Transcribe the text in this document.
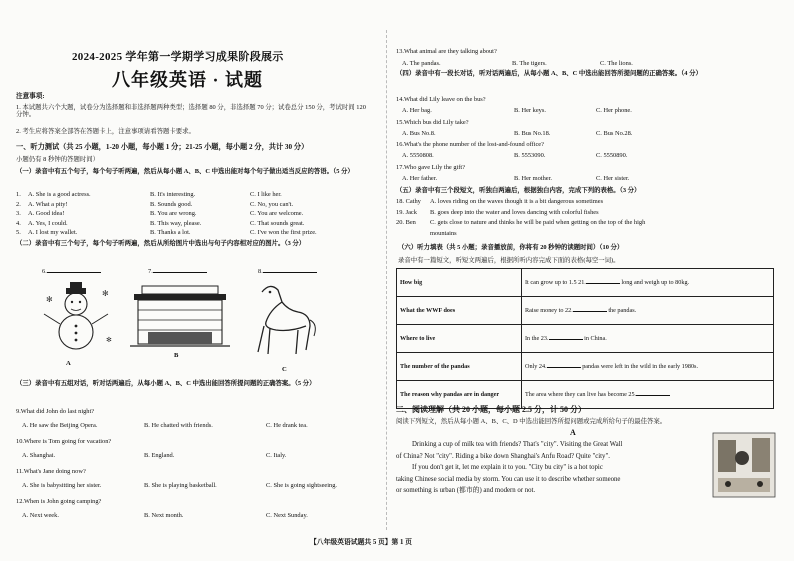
2024-2025 学年第一学期学习成果阶段展示
八年级英语 · 试题
注意事项:
1. 本试题共六个大题，试卷分为选择题和非选择题两种类型；选择题 80 分，非选择题 70 分；试卷总分 150 分，考试时间 120 分钟。
2. 考生应将答案全部答在答题卡上，注意事项请看答题卡要求。
一、听力测试（共 25 小题，1-20 小题，每小题 1 分；21-25 小题，每小题 2 分，共计 30 分）
小题仍有 8 秒钟的答题时间）
（一）录音中有五个句子，每个句子听两遍，然后从每小题 A、B、C 中选出能对每个句子做出适当反应的答语。（5 分）
1. A. She is a good actress.	B. It's interesting.	C. I like her.
2. A. What a pity!	B. Sounds good.	C. No, you can't.
3. A. Good idea!	B. You are wrong.	C. You are welcome.
4. A. Yes, I could.	B. This way, please.	C. That sounds great.
5. A. I lost my wallet.	B. Thanks a lot.	C. I've won the first prize.
（二）录音中有三个句子，每个句子听两遍，然后从所给图片中选出与句子内容相对应的图片。（3 分）
6.	7.	8.
✻
✻
✻
A
B
C
（三）录音中有五组对话，听对话两遍后，从每小题 A、B、C 中选出能回答所提问题的正确答案。（5 分）
9.What did John do last night?
A. He saw the Beijing Opera.	B. He chatted with friends.	C. He drank tea.
10.Where is Tom going for vacation?
A. Shanghai.	B. England.	C. Italy.
11.What's Jane doing now?
A. She is babysitting her sister.	B. She is playing basketball.	C. She is going sightseeing.
12.When is John going camping?
A. Next week.	B. Next month.	C. Next Sunday.
13.What animal are they talking about?
A. The pandas.	B. The tigers.	C. The lions.
（四）录音中有一段长对话，听对话两遍后，从每小题 A、B、C 中选出能回答所提问题的正确答案。（4 分）
14.What did Lily leave on the bus?
A. Her bag.	B. Her keys.	C. Her phone.
15.Which bus did Lily take?
A. Bus No.8.	B. Bus No.18.	C. Bus No.28.
16.What's the phone number of the lost-and-found office?
A. 5550808.	B. 5553090.	C. 5550890.
17.Who gave Lily the gift?
A. Her father.	B. Her mother.	C. Her sister.
（五）录音中有三个段短文，听独白两遍后，根据独白内容，完成下列的表格。（3 分）
18. Cathy A. loves riding on the waves though it is a bit dangerous sometimes
19. Jack B. goes deep into the water and loves dancing with colorful fishes
20. Ben C. gets close to nature and thinks he will be paid when getting on the top of the high
mountains
（六）听力填表（共 5 小题；录音播放前，你将有 20 秒钟的读题时间）（10 分）
录音中有一篇短文，听短文两遍后，根据所听内容完成下面的表格(每空一词)。
How big	It can grow up to 1.5 21. long and weigh up to 80kg.
What the WWF does	Raise money to 22. the pandas.
Where to live	In the 23. in China.
The number of the pandas	Only 24. pandas were left in the wild in the early 1980s.
The reason why pandas are in danger	The area where they can live has become 25.
二、阅读理解（共 20 小题，每小题 2.5 分，计 50 分）
阅读下列短文，然后从每小题 A、B、C、D 中选出能回答所提问题或完成所给句子的最佳答案。
A
Drinking a cup of milk tea with friends? That's "city". Visiting the Great Wall
of China? Not "city". Riding a bike down Shanghai's Anfu Road? Quite "city".
If you don't get it, let me explain it to you. "City bu city" is a hot topic
taking Chinese social media by storm. You can use it to describe whether someone
or something is urban (都市的) and modern or not.
【八年级英语试题共 5 页】第 1 页
